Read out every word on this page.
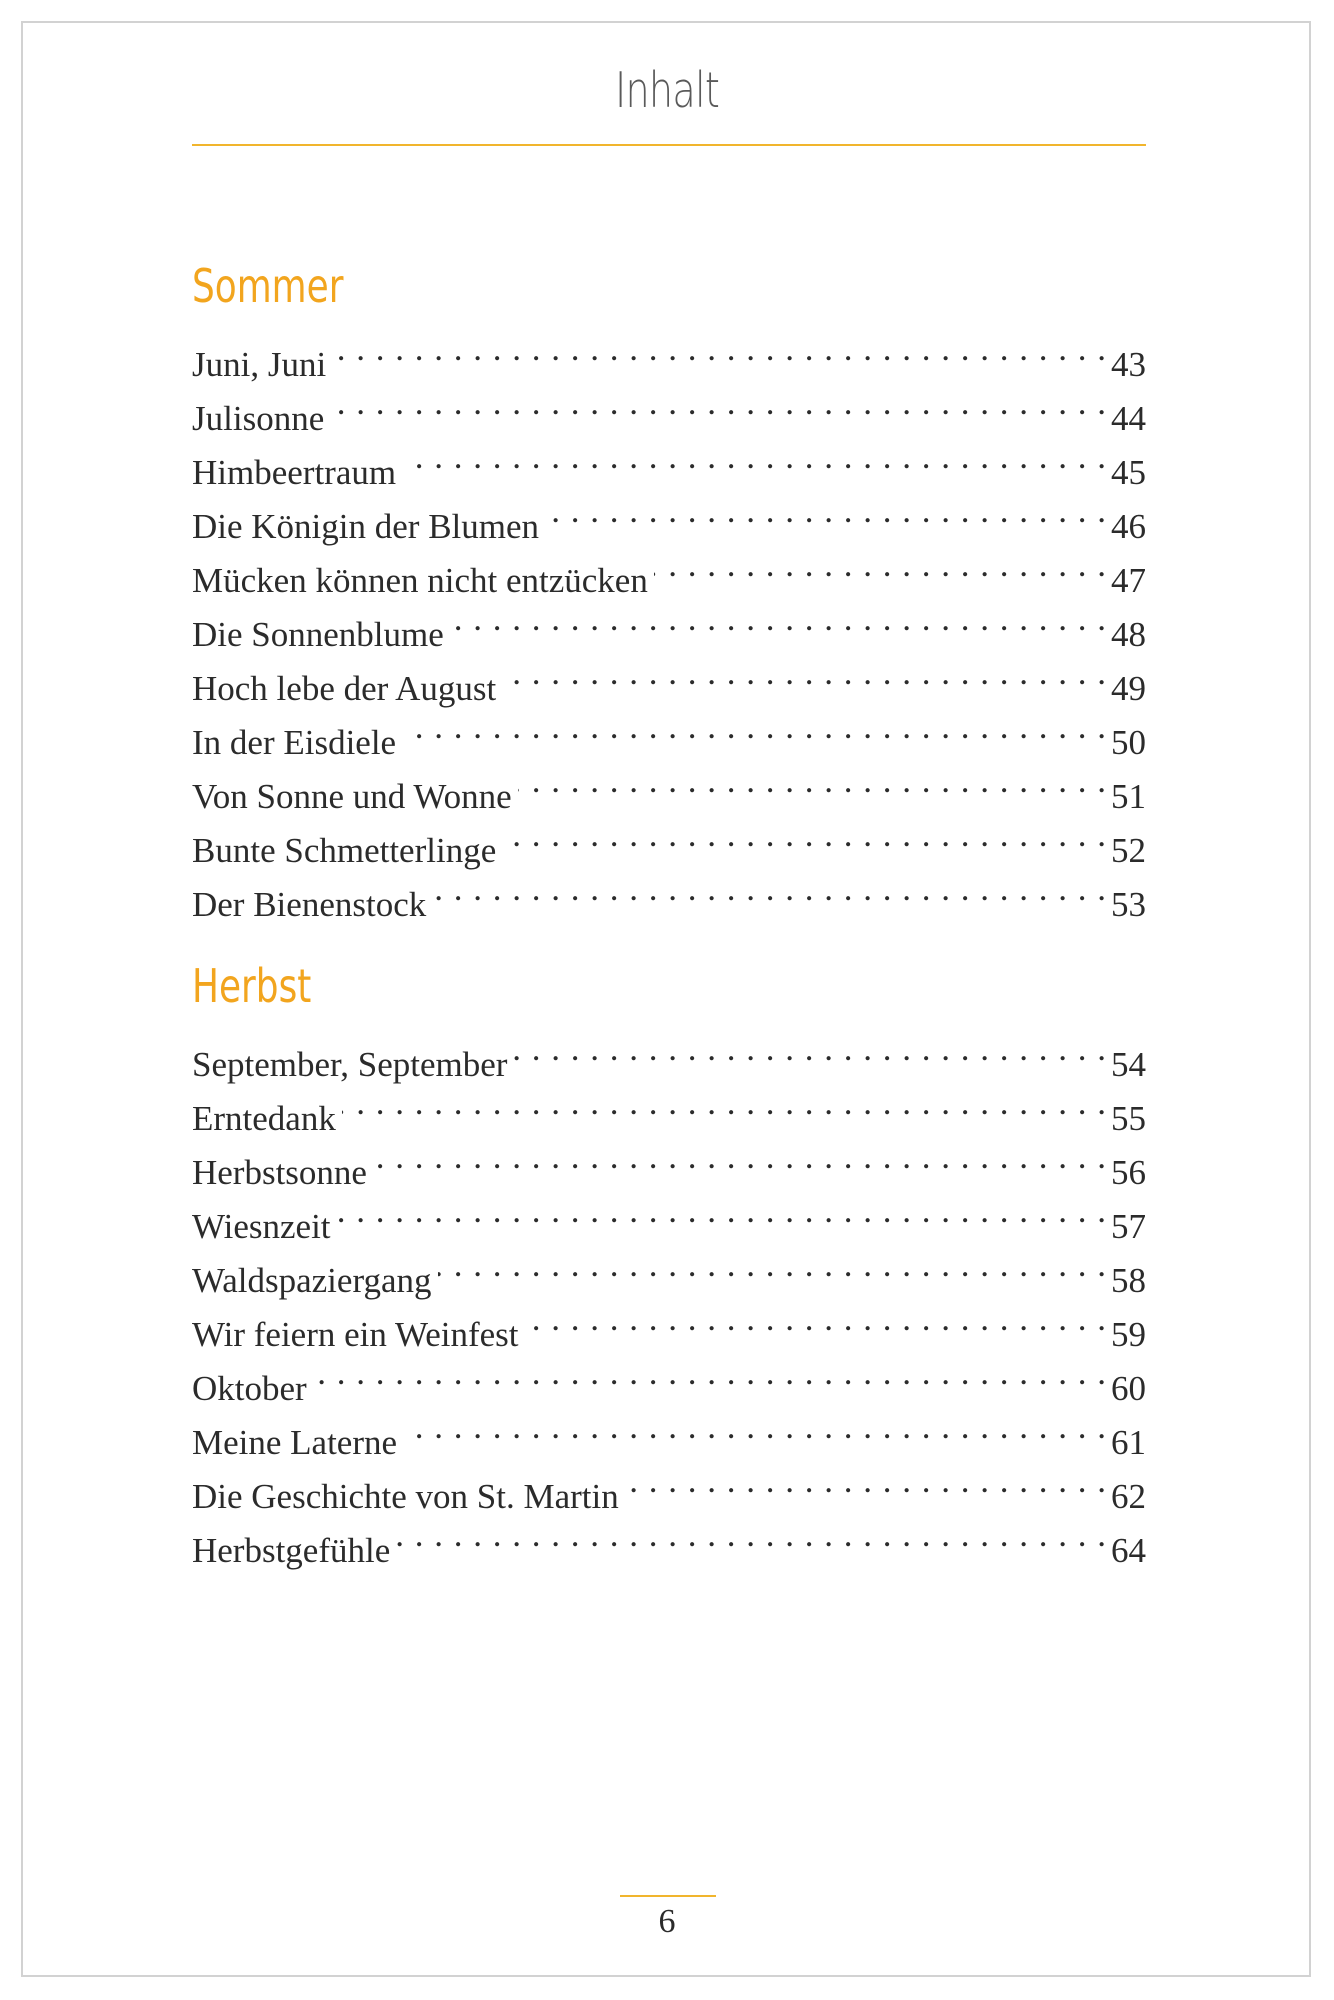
Inhalt
Sommer
Juni, Juni . . .	43
Julisonne . . .	44
Himbeertraum . . .	45
Die Königin der Blumen . . .	46
Mücken können nicht entzücken . . .	47
Die Sonnenblume . . .	48
Hoch lebe der August . . .	49
In der Eisdiele . . .	50
Von Sonne und Wonne . . .	51
Bunte Schmetterlinge . . .	52
Der Bienenstock . . .	53
Herbst
September, September . . .	54
Erntedank . . .	55
Herbstsonne . . .	56
Wiesnzeit . . .	57
Waldspaziergang . . .	58
Wir feiern ein Weinfest . . .	59
Oktober . . .	60
Meine Laterne . . .	61
Die Geschichte von St. Martin . . .	62
Herbstgefühle . . .	64
6
